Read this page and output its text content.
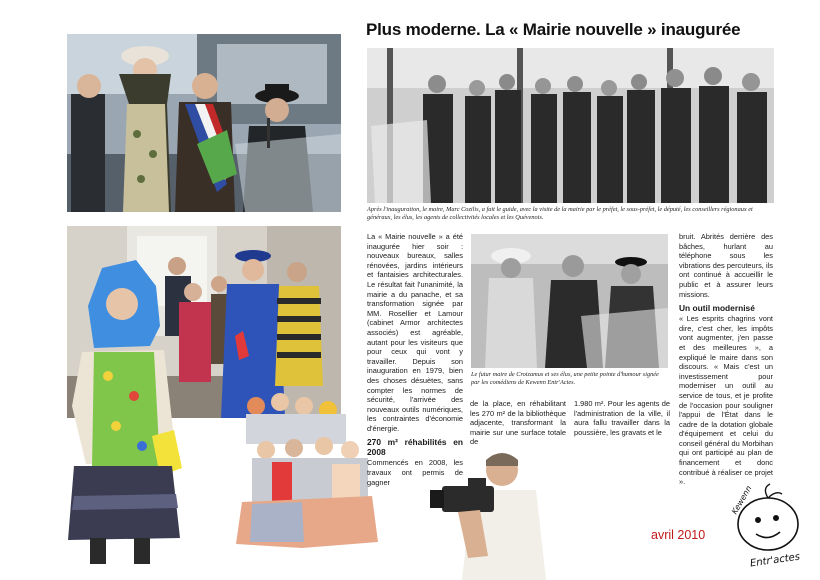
Plus moderne. La « Mairie nouvelle » inaugurée
Après l'inauguration, le maire, Marc Cozilis, a fait le guide, avec la visite de la mairie par le préfet, le sous-préfet, le député, les conseillers régionaux et généraux, les élus, les agents de collectivités locales et les Quévenois.

La « Mairie nouvelle » a été inaugurée hier soir : nouveaux bureaux, salles rénovées, jardins intérieurs et fantaisies architecturales. Le résultat fait l'unanimité, la mairie a du panache, et sa transformation signée par MM. Rosellier et Lamour (cabinet Armor architectes associés) est agréable, autant pour les visiteurs que pour ceux qui vont y travailler. Depuis son inauguration en 1979, bien des choses désuètes, sans compter les normes de sécurité, l'arrivée des nouveaux outils numériques, les contraintes d'économie d'énergie.

270 m² réhabilités en 2008

Commencés en 2008, les travaux ont permis de gagner

Le futur maire de Croizamus et ses élus, une petite pointe d'humour signée par les comédiens de Kewenn Entr'Actes.

de la place, en réhabilitant les 270 m² de la bibliothèque adjacente, transformant la mairie sur une surface totale de

1.980 m². Pour les agents de l'administration de la ville, il aura fallu travailler dans la poussière, les gravats et le

bruit. Abrités derrière des bâches, hurlant au téléphone sous les vibrations des percuteurs, ils ont continué à accueillir le public et à assurer leurs missions.

Un outil modernisé

« Les esprits chagrins vont dire, c'est cher, les impôts vont augmenter, j'en passe et des meilleures », a expliqué le maire dans son discours. « Mais c'est un investissement pour moderniser un outil au service de tous, et je profite de l'occasion pour souligner l'appui de l'État dans le cadre de la dotation globale d'équipement et celui du conseil général du Morbihan qui ont participé au plan de financement et donc contribué à réaliser ce projet ».

avril 2010
Kewenn
Entr'actes
